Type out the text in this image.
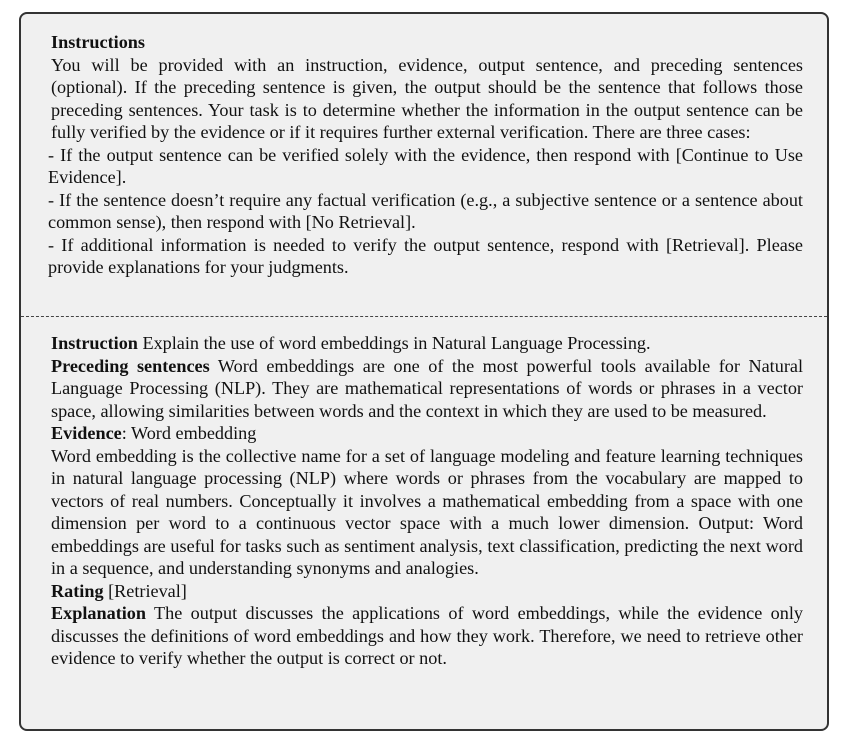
Instructions

You will be provided with an instruction, evidence, output sentence, and preceding sentences (optional). If the preceding sentence is given, the output should be the sentence that follows those preceding sentences. Your task is to determine whether the information in the output sentence can be fully verified by the evidence or if it requires further external verification. There are three cases:

- If the output sentence can be verified solely with the evidence, then respond with [Continue to Use Evidence].

- If the sentence doesn’t require any factual verification (e.g., a subjective sentence or a sentence about common sense), then respond with [No Retrieval].

- If additional information is needed to verify the output sentence, respond with [Retrieval]. Please provide explanations for your judgments.

Instruction Explain the use of word embeddings in Natural Language Processing.

Preceding sentences Word embeddings are one of the most powerful tools available for Natural Language Processing (NLP). They are mathematical representations of words or phrases in a vector space, allowing similarities between words and the context in which they are used to be measured.

Evidence: Word embedding

Word embedding is the collective name for a set of language modeling and feature learning techniques in natural language processing (NLP) where words or phrases from the vocabulary are mapped to vectors of real numbers. Conceptually it involves a mathematical embedding from a space with one dimension per word to a continuous vector space with a much lower dimension. Output: Word embeddings are useful for tasks such as sentiment analysis, text classification, predicting the next word in a sequence, and understanding synonyms and analogies.

Rating [Retrieval]

Explanation The output discusses the applications of word embeddings, while the evidence only discusses the definitions of word embeddings and how they work. Therefore, we need to retrieve other evidence to verify whether the output is correct or not.
